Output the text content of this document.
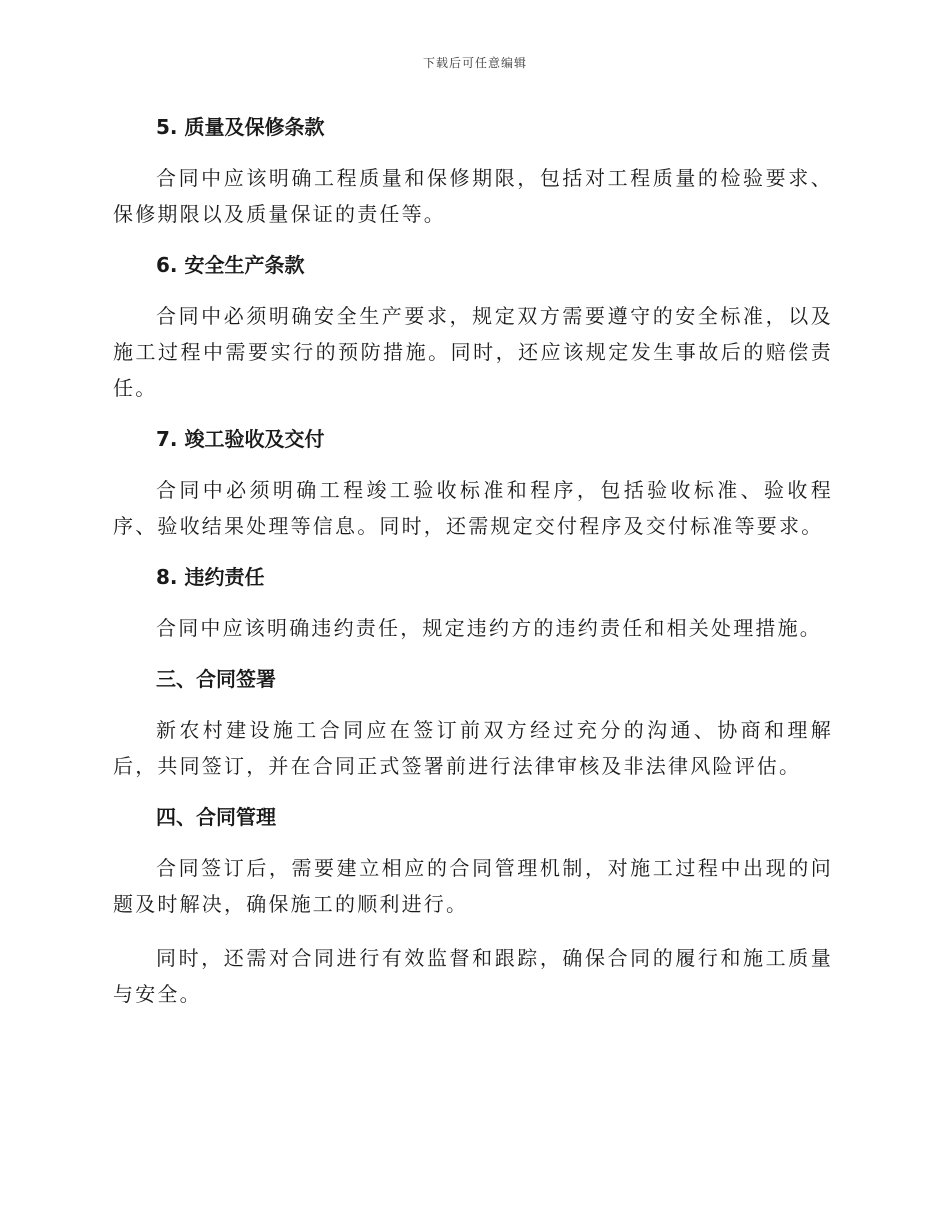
下载后可任意编辑
5. 质量及保修条款
合同中应该明确工程质量和保修期限，包括对工程质量的检验要求、保修期限以及质量保证的责任等。
6. 安全生产条款
合同中必须明确安全生产要求，规定双方需要遵守的安全标准，以及施工过程中需要实行的预防措施。同时，还应该规定发生事故后的赔偿责任。
7. 竣工验收及交付
合同中必须明确工程竣工验收标准和程序，包括验收标准、验收程序、验收结果处理等信息。同时，还需规定交付程序及交付标准等要求。
8. 违约责任
合同中应该明确违约责任，规定违约方的违约责任和相关处理措施。
三、合同签署
新农村建设施工合同应在签订前双方经过充分的沟通、协商和理解后，共同签订，并在合同正式签署前进行法律审核及非法律风险评估。
四、合同管理
合同签订后，需要建立相应的合同管理机制，对施工过程中出现的问题及时解决，确保施工的顺利进行。
同时，还需对合同进行有效监督和跟踪，确保合同的履行和施工质量与安全。
